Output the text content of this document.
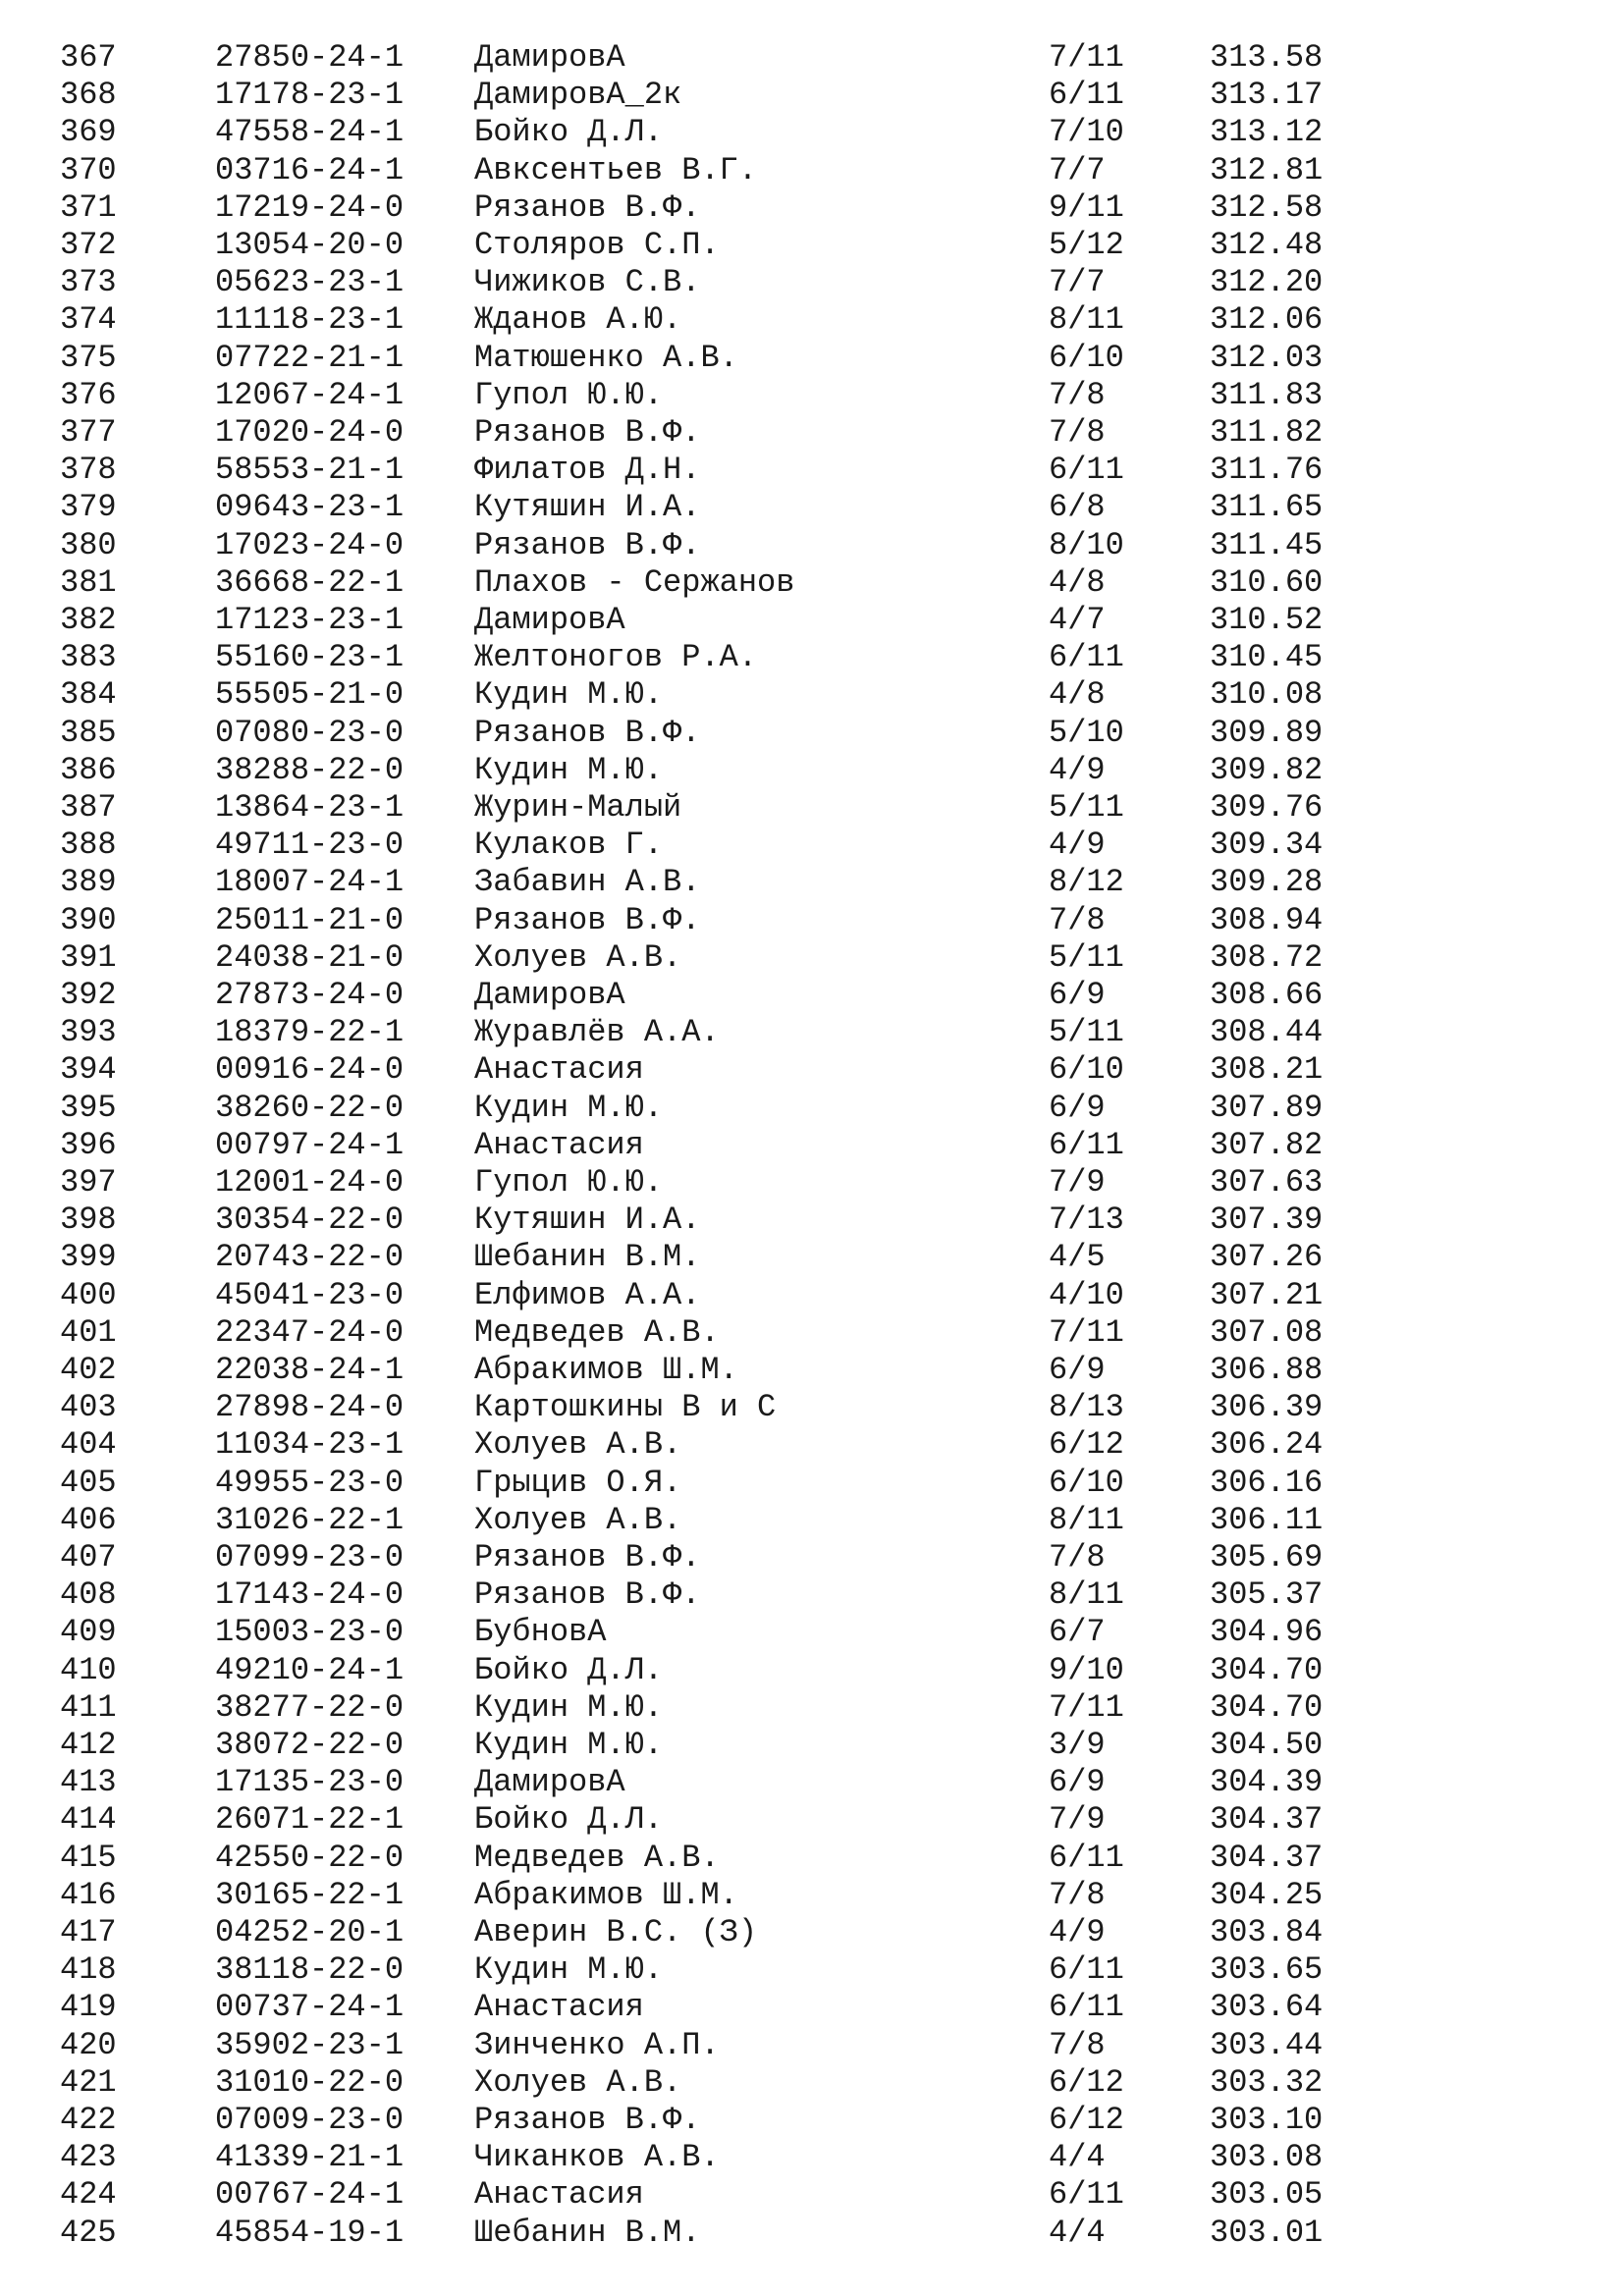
367	27850-24-1 ДамировА	7/11	313.58
368	17178-23-1 ДамировА_2к	6/11	313.17
369	47558-24-1 Бойко Д.Л.	7/10	313.12
370	03716-24-1 Авксентьев В.Г.	7/7	312.81
371	17219-24-0 Рязанов В.Ф.	9/11	312.58
372	13054-20-0 Столяров С.П.	5/12	312.48
373	05623-23-1 Чижиков С.В.	7/7	312.20
374	11118-23-1 Жданов А.Ю.	8/11	312.06
375	07722-21-1 Матюшенко А.В.	6/10	312.03
376	12067-24-1 Гупол Ю.Ю.	7/8	311.83
377	17020-24-0 Рязанов В.Ф.	7/8	311.82
378	58553-21-1 Филатов Д.Н.	6/11	311.76
379	09643-23-1 Кутяшин И.А.	6/8	311.65
380	17023-24-0 Рязанов В.Ф.	8/10	311.45
381	36668-22-1 Плахов - Сержанов	4/8	310.60
382	17123-23-1 ДамировА	4/7	310.52
383	55160-23-1 Желтоногов Р.А.	6/11	310.45
384	55505-21-0 Кудин М.Ю.	4/8	310.08
385	07080-23-0 Рязанов В.Ф.	5/10	309.89
386	38288-22-0 Кудин М.Ю.	4/9	309.82
387	13864-23-1 Журин-Малый	5/11	309.76
388	49711-23-0 Кулаков Г.	4/9	309.34
389	18007-24-1 Забавин А.В.	8/12	309.28
390	25011-21-0 Рязанов В.Ф.	7/8	308.94
391	24038-21-0 Холуев А.В.	5/11	308.72
392	27873-24-0 ДамировА	6/9	308.66
393	18379-22-1 Журавлёв А.А.	5/11	308.44
394	00916-24-0 Анастасия	6/10	308.21
395	38260-22-0 Кудин М.Ю.	6/9	307.89
396	00797-24-1 Анастасия	6/11	307.82
397	12001-24-0 Гупол Ю.Ю.	7/9	307.63
398	30354-22-0 Кутяшин И.А.	7/13	307.39
399	20743-22-0 Шебанин В.М.	4/5	307.26
400	45041-23-0 Елфимов А.А.	4/10	307.21
401	22347-24-0 Медведев А.В.	7/11	307.08
402	22038-24-1 Абракимов Ш.М.	6/9	306.88
403	27898-24-0 Картошкины В и С	8/13	306.39
404	11034-23-1 Холуев А.В.	6/12	306.24
405	49955-23-0 Грыцив О.Я.	6/10	306.16
406	31026-22-1 Холуев А.В.	8/11	306.11
407	07099-23-0 Рязанов В.Ф.	7/8	305.69
408	17143-24-0 Рязанов В.Ф.	8/11	305.37
409	15003-23-0 БубновА	6/7	304.96
410	49210-24-1 Бойко Д.Л.	9/10	304.70
411	38277-22-0 Кудин М.Ю.	7/11	304.70
412	38072-22-0 Кудин М.Ю.	3/9	304.50
413	17135-23-0 ДамировА	6/9	304.39
414	26071-22-1 Бойко Д.Л.	7/9	304.37
415	42550-22-0 Медведев А.В.	6/11	304.37
416	30165-22-1 Абракимов Ш.М.	7/8	304.25
417	04252-20-1 Аверин В.С. (З)	4/9	303.84
418	38118-22-0 Кудин М.Ю.	6/11	303.65
419	00737-24-1 Анастасия	6/11	303.64
420	35902-23-1 Зинченко А.П.	7/8	303.44
421	31010-22-0 Холуев А.В.	6/12	303.32
422	07009-23-0 Рязанов В.Ф.	6/12	303.10
423	41339-21-1 Чиканков А.В.	4/4	303.08
424	00767-24-1 Анастасия	6/11	303.05
425	45854-19-1 Шебанин В.М.	4/4	303.01
